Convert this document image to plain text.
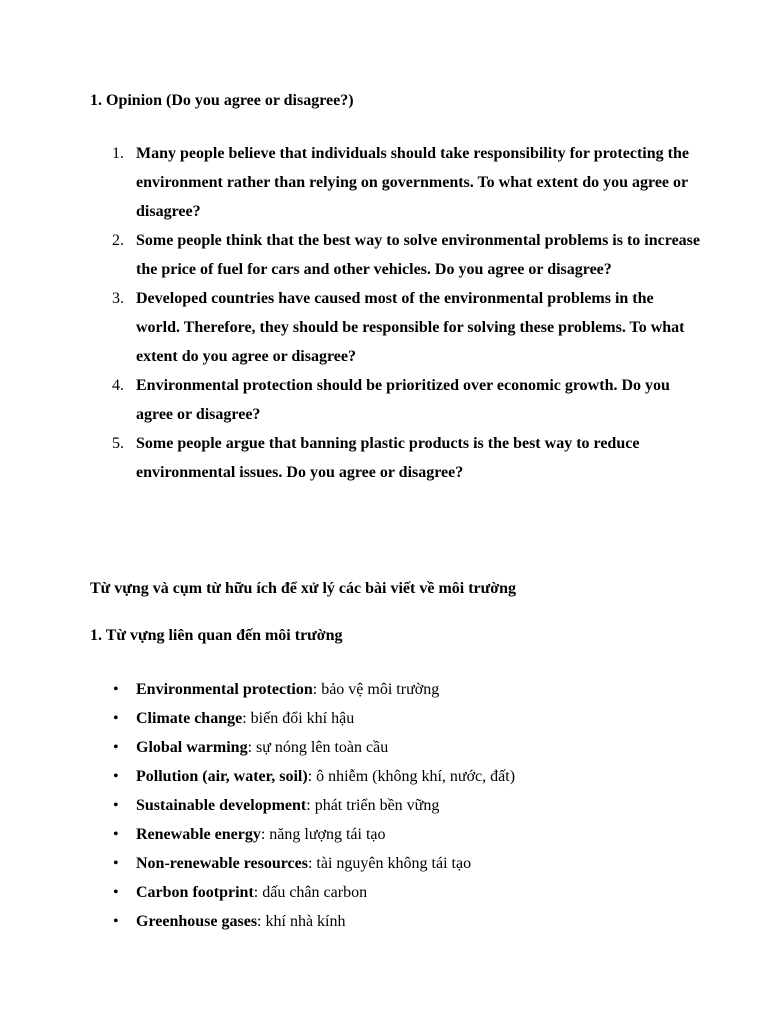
1. Opinion (Do you agree or disagree?)
1. Many people believe that individuals should take responsibility for protecting the environment rather than relying on governments. To what extent do you agree or disagree?
2. Some people think that the best way to solve environmental problems is to increase the price of fuel for cars and other vehicles. Do you agree or disagree?
3. Developed countries have caused most of the environmental problems in the world. Therefore, they should be responsible for solving these problems. To what extent do you agree or disagree?
4. Environmental protection should be prioritized over economic growth. Do you agree or disagree?
5. Some people argue that banning plastic products is the best way to reduce environmental issues. Do you agree or disagree?
Từ vựng và cụm từ hữu ích để xử lý các bài viết về môi trường
1. Từ vựng liên quan đến môi trường
• Environmental protection: bảo vệ môi trường
• Climate change: biến đổi khí hậu
• Global warming: sự nóng lên toàn cầu
• Pollution (air, water, soil): ô nhiễm (không khí, nước, đất)
• Sustainable development: phát triển bền vững
• Renewable energy: năng lượng tái tạo
• Non-renewable resources: tài nguyên không tái tạo
• Carbon footprint: dấu chân carbon
• Greenhouse gases: khí nhà kính
